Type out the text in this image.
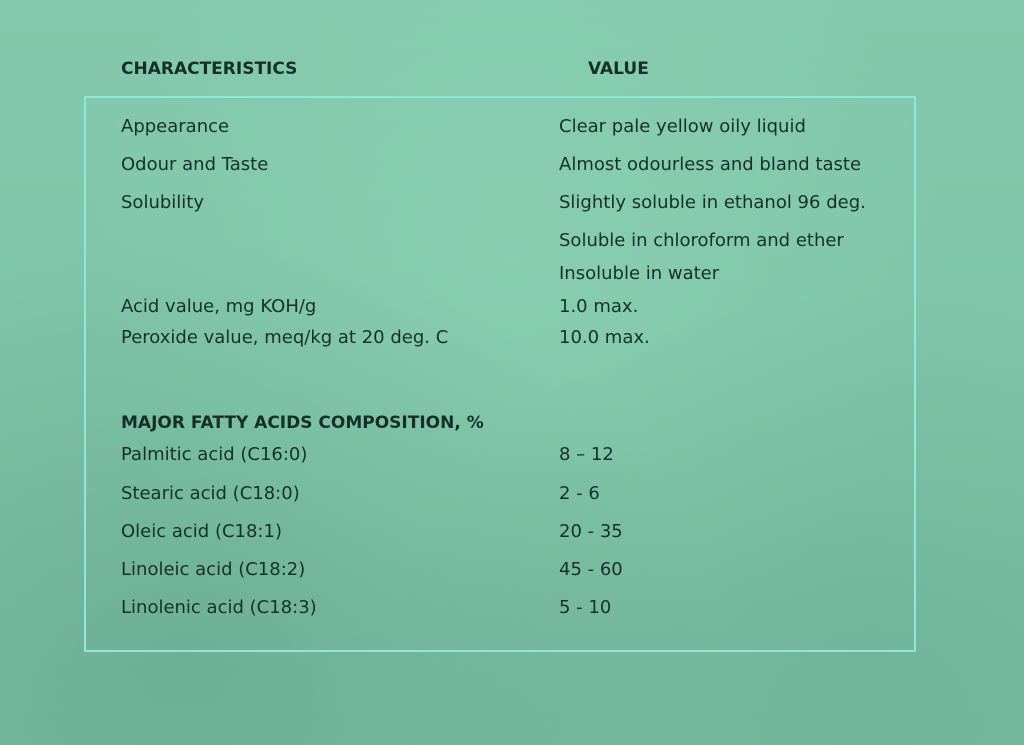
CHARACTERISTICS	VALUE
Appearance	Clear pale yellow oily liquid
Odour and Taste	Almost odourless and bland taste
Solubility	Slightly soluble in ethanol 96 deg.
Soluble in chloroform and ether
Insoluble in water
Acid value, mg KOH/g	1.0 max.
Peroxide value, meq/kg at 20 deg. C	10.0 max.
MAJOR FATTY ACIDS COMPOSITION, %
Palmitic acid (C16:0)	8 – 12
Stearic acid (C18:0)	2 - 6
Oleic acid (C18:1)	20 - 35
Linoleic acid (C18:2)	45 - 60
Linolenic acid (C18:3)	5 - 10
